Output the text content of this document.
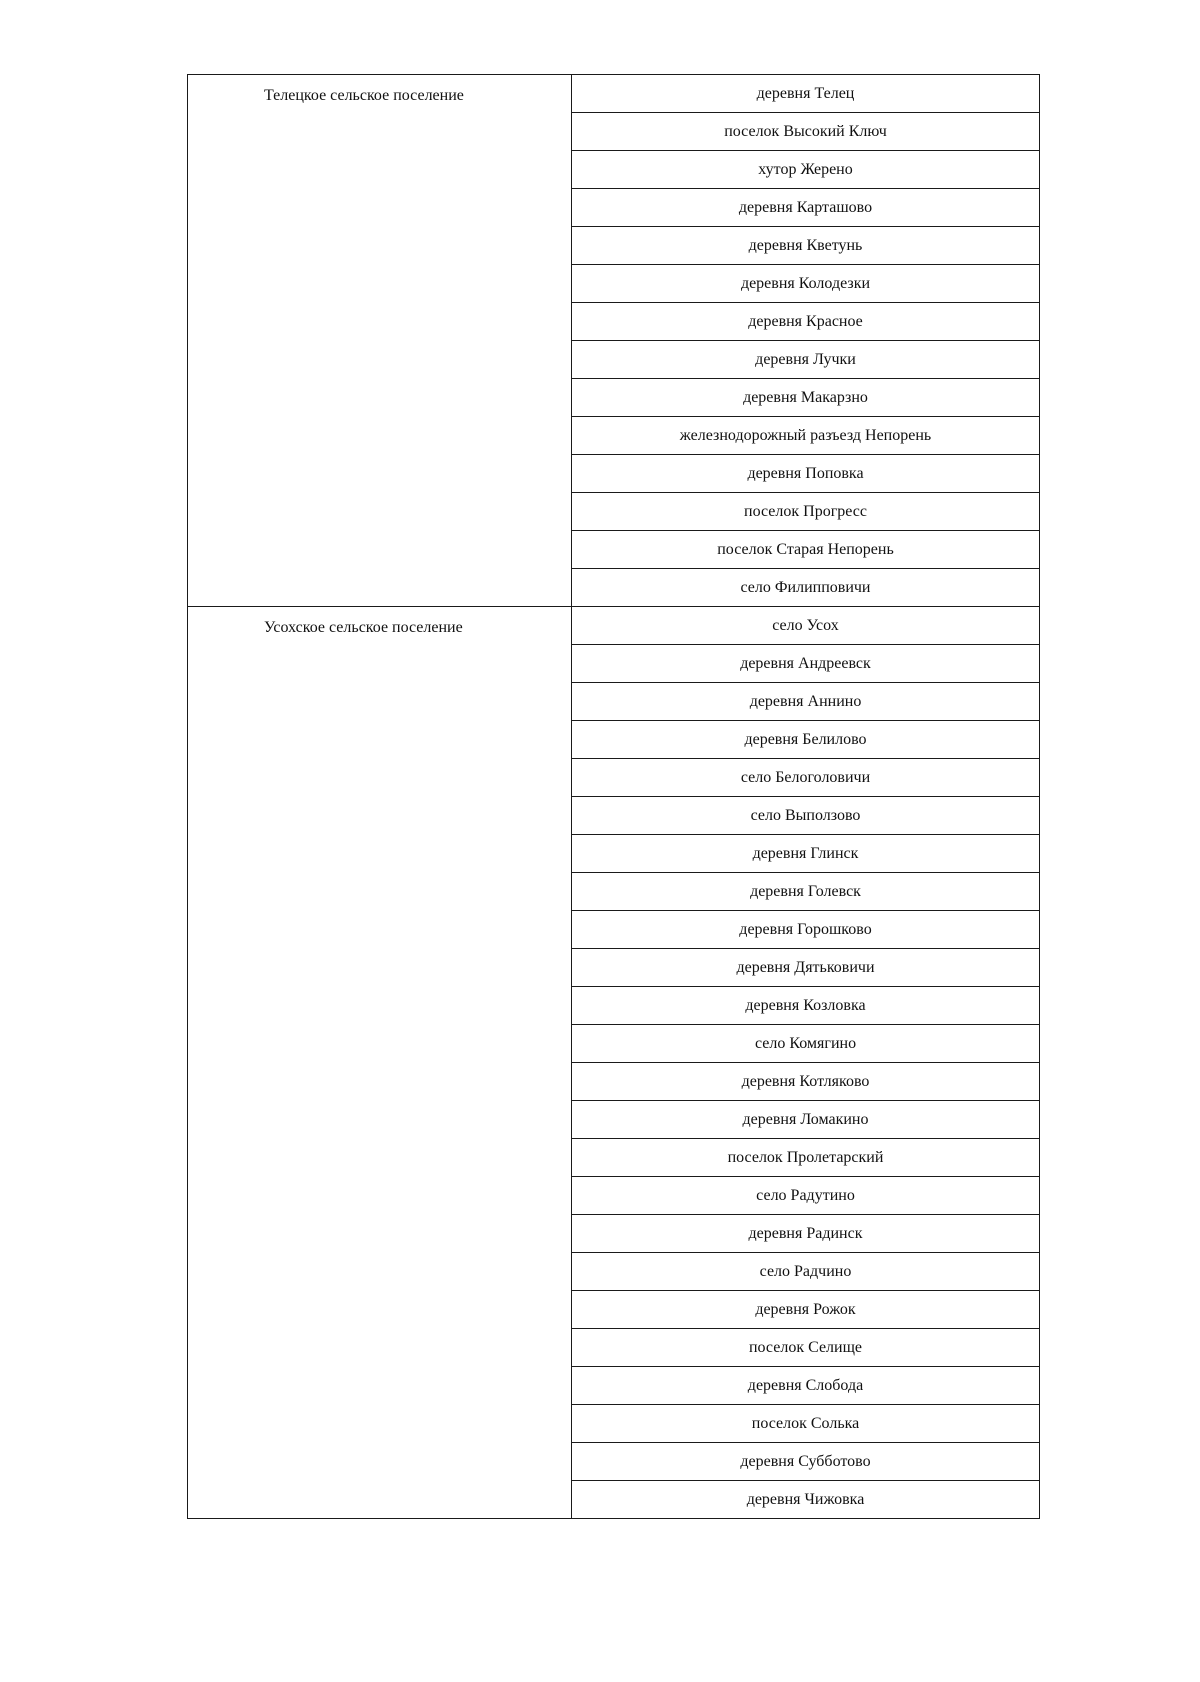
Телецкое сельское поселение	деревня Телец
	поселок Высокий Ключ
	хутор Жерено
	деревня Карташово
	деревня Кветунь
	деревня Колодезки
	деревня Красное
	деревня Лучки
	деревня Макарзно
	железнодорожный разъезд Непорень
	деревня Поповка
	поселок Прогресс
	поселок Старая Непорень
	село Филипповичи

Усохское сельское поселение	село Усох
	деревня Андреевск
	деревня Аннино
	деревня Белилово
	село Белоголовичи
	село Выползово
	деревня Глинск
	деревня Голевск
	деревня Горошково
	деревня Дятьковичи
	деревня Козловка
	село Комягино
	деревня Котляково
	деревня Ломакино
	поселок Пролетарский
	село Радутино
	деревня Радинск
	село Радчино
	деревня Рожок
	поселок Селище
	деревня Слобода
	поселок Солька
	деревня Субботово
	деревня Чижовка
